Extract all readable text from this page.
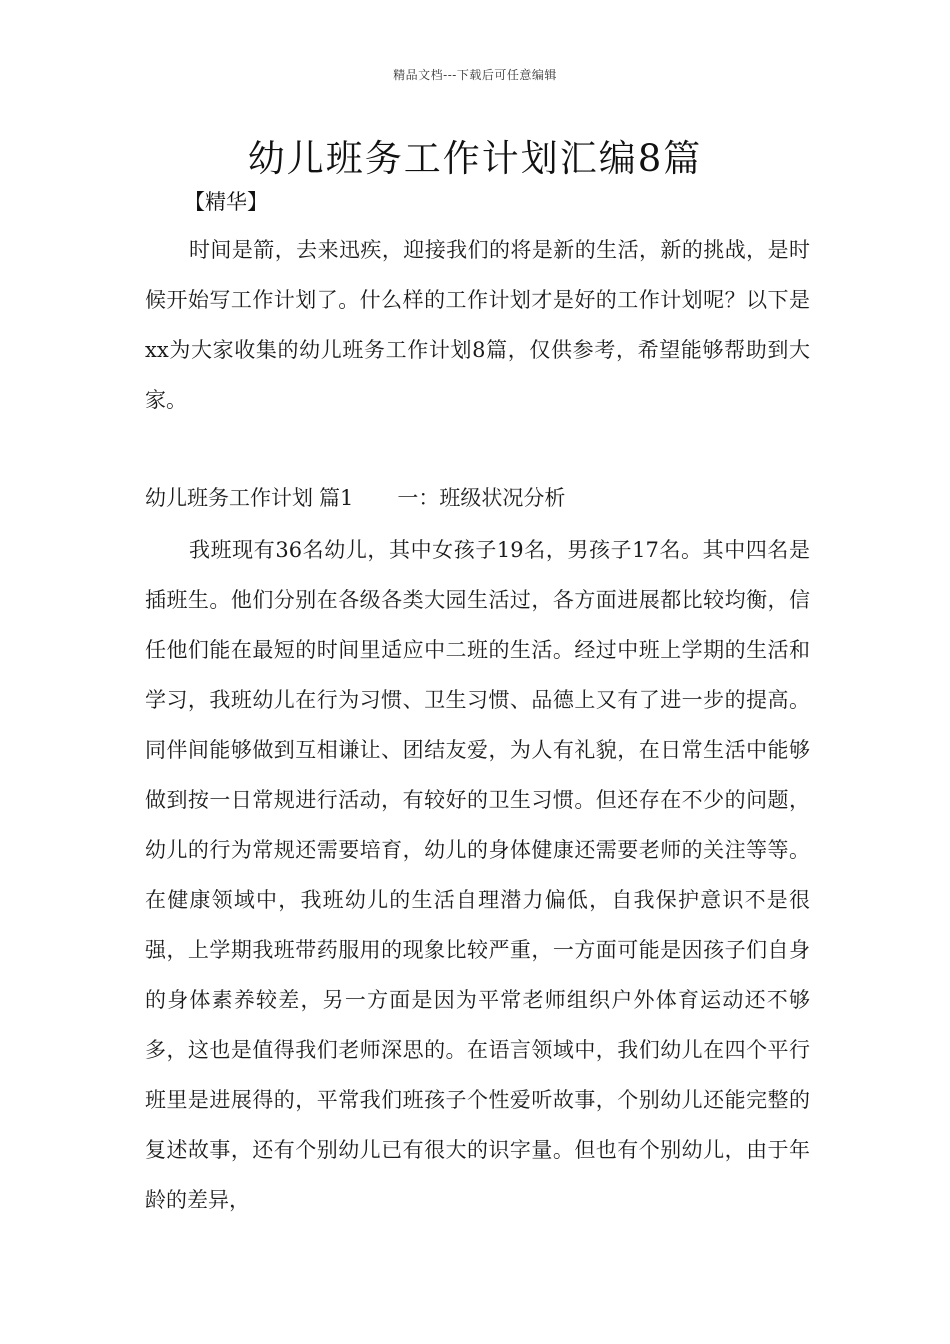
精品文档---下载后可任意编辑
幼儿班务工作计划汇编8篇
【精华】

时间是箭，去来迅疾，迎接我们的将是新的生活，新的挑战，是时候开始写工作计划了。什么样的工作计划才是好的工作计划呢？以下是xx为大家收集的幼儿班务工作计划8篇，仅供参考，希望能够帮助到大家。

幼儿班务工作计划 篇1 一：班级状况分析

我班现有36名幼儿，其中女孩子19名，男孩子17名。其中四名是插班生。他们分别在各级各类大园生活过，各方面进展都比较均衡，信任他们能在最短的时间里适应中二班的生活。经过中班上学期的生活和学习，我班幼儿在行为习惯、卫生习惯、品德上又有了进一步的提高。同伴间能够做到互相谦让、团结友爱，为人有礼貌，在日常生活中能够做到按一日常规进行活动，有较好的卫生习惯。但还存在不少的问题，幼儿的行为常规还需要培育，幼儿的身体健康还需要老师的关注等等。在健康领域中，我班幼儿的生活自理潜力偏低，自我保护意识不是很强，上学期我班带药服用的现象比较严重，一方面可能是因孩子们自身的身体素养较差，另一方面是因为平常老师组织户外体育运动还不够多，这也是值得我们老师深思的。在语言领域中，我们幼儿在四个平行班里是进展得的，平常我们班孩子个性爱听故事，个别幼儿还能完整的复述故事，还有个别幼儿已有很大的识字量。但也有个别幼儿，由于年龄的差异，
